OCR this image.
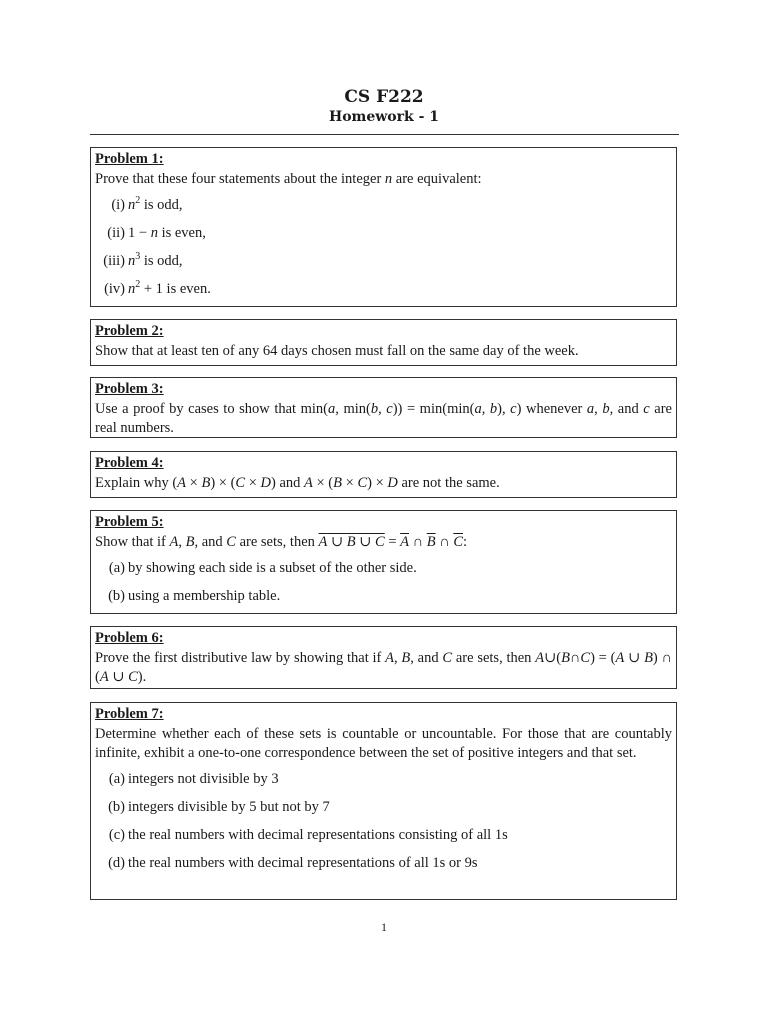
CS F222
Homework - 1
Problem 1:
Prove that these four statements about the integer n are equivalent:
(i) $n^2$ is odd,
(ii) 1 − n is even,
(iii) $n^3$ is odd,
(iv) $n^2 + 1$ is even.
Problem 2:
Show that at least ten of any 64 days chosen must fall on the same day of the week.
Problem 3:
Use a proof by cases to show that min(a, min(b, c)) = min(min(a, b), c) whenever a, b, and c are real numbers.
Problem 4:
Explain why (A × B) × (C × D) and A × (B × C) × D are not the same.
Problem 5:
Show that if A, B, and C are sets, then A ∪ B ∪ $C = \overline{A}$ ∩ $\overline{B}$ ∩ $\overline{C}$:
(a) by showing each side is a subset of the other side.
(b) using a membership table.
Problem 6:
Prove the first distributive law by showing that if A, B, and C are sets, then A∪(B∩C) = (A ∪ B) ∩ (A ∪ C).
Problem 7:
Determine whether each of these sets is countable or uncountable. For those that are countably infinite, exhibit a one-to-one correspondence between the set of positive integers and that set.
(a) integers not divisible by 3
(b) integers divisible by 5 but not by 7
(c) the real numbers with decimal representations consisting of all 1s
(d) the real numbers with decimal representations of all 1s or 9s
1
